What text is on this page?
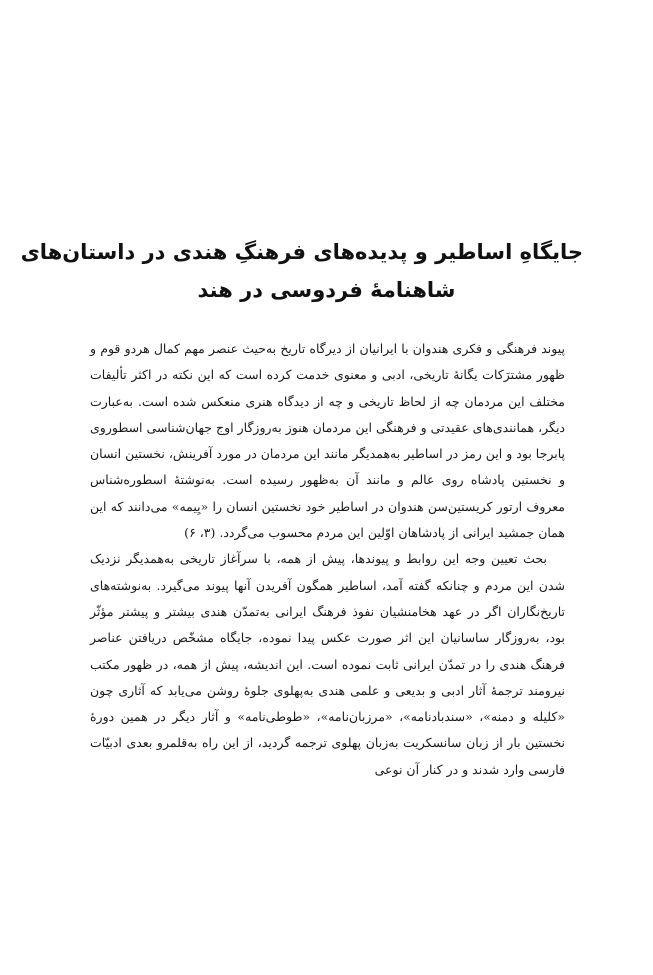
جایگاهِ اساطیر و پدیده‌های فرهنگِ هندی در داستان‌های
شاهنامۀ فردوسی در هند

پیوند فرهنگی و فکری هندوان با ایرانیان از دیرگاه تاریخ به‌حیث عنصر مهم کمال هردو قوم و ظهور مشترَکات یگانۀ تاریخی، ادبی و معنوی خدمت کرده است که این نکته در اکثر تألیفات مختلف این مردمان چه از لحاظ تاریخی و چه از دیدگاه هنری منعکس شده است. به‌عبارت دیگر، همانندی‌های عقیدتی و فرهنگی این مردمان هنوز به‌روزگار اوج جهان‌شناسی اسطوروی پابرجا بود و این رمز در اساطیر به‌همدیگر مانند این مردمان در مورد آفرینش، نخستین انسان و نخستین پادشاه روی عالم و مانند آن به‌ظهور رسیده است. به‌نوشتۀ اسطوره‌شناس معروف ارتور کریستین‌سن هندوان در اساطیر خود نخستین انسان را «یِیمه» می‌دانند که این همان جمشید ایرانی از پادشاهان اوّلین این مردم محسوب می‌گردد. (۳، ۶)

بحث تعیین وجه این روابط و پیوندها، پیش از همه، با سرآغاز تاریخی به‌همدیگر نزدیک شدن این مردم و چنانکه گفته آمد، اساطیر همگون آفریدن آنها پیوند می‌گیرد. به‌نوشته‌های تاریخ‌نگاران اگر در عهد هخامنشیان نفوذ فرهنگ ایرانی به‌تمدّن هندی بیشتر و پیشتر مؤثّر بود، به‌روزگار ساسانیان این اثر صورت عکس پیدا نموده، جایگاه مشخّص دریافتن عناصر فرهنگ هندی را در تمدّن ایرانی ثابت نموده است. این اندیشه، پیش از همه، در ظهور مکتب نیرومند ترجمۀ آثار ادبی و بدیعی و علمی هندی به‌پهلوی جلوۀ روشن می‌یابد که آثاری چون «کلیله و دمنه»، «سندبادنامه»، «مرزبان‌نامه»، «طوطی‌نامه» و آثار دیگر در همین دورۀ نخستین بار از زبان سانسکریت به‌زبان پهلوی ترجمه گردید، از این راه به‌قلمرو بعدی ادبیّات فارسی وارد شدند و در کنار آن نوعی
